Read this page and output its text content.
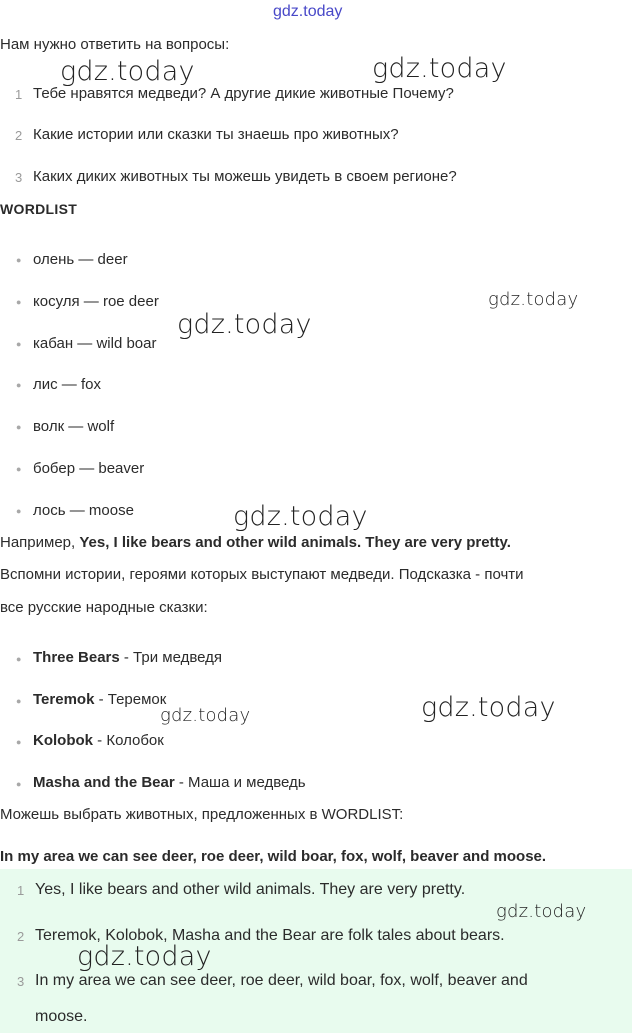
gdz.today
Нам нужно ответить на вопросы:
1 Тебе нравятся медведи? А другие дикие животные Почему?
2 Какие истории или сказки ты знаешь про животных?
3 Каких диких животных ты можешь увидеть в своем регионе?
WORDLIST
● олень — deer
● косуля — roe deer
● кабан — wild boar
● лис — fox
● волк — wolf
● бобер — beaver
● лось — moose
Например, Yes, I like bears and other wild animals. They are very pretty.
Вспомни истории, героями которых выступают медведи. Подсказка - почти
все русские народные сказки:
● Three Bears - Три медведя
● Teremok - Теремок
● Kolobok - Колобок
● Masha and the Bear - Маша и медведь
Можешь выбрать животных, предложенных в WORDLIST:
In my area we can see deer, roe deer, wild boar, fox, wolf, beaver and moose.
1 Yes, I like bears and other wild animals. They are very pretty.
2 Teremok, Kolobok, Masha and the Bear are folk tales about bears.
3 In my area we can see deer, roe deer, wild boar, fox, wolf, beaver and
moose.
gdz.today	gdz.today
gdz.today
gdz.today
gdz.today
gdz.today
gdz.today
gdz.today
gdz.today
